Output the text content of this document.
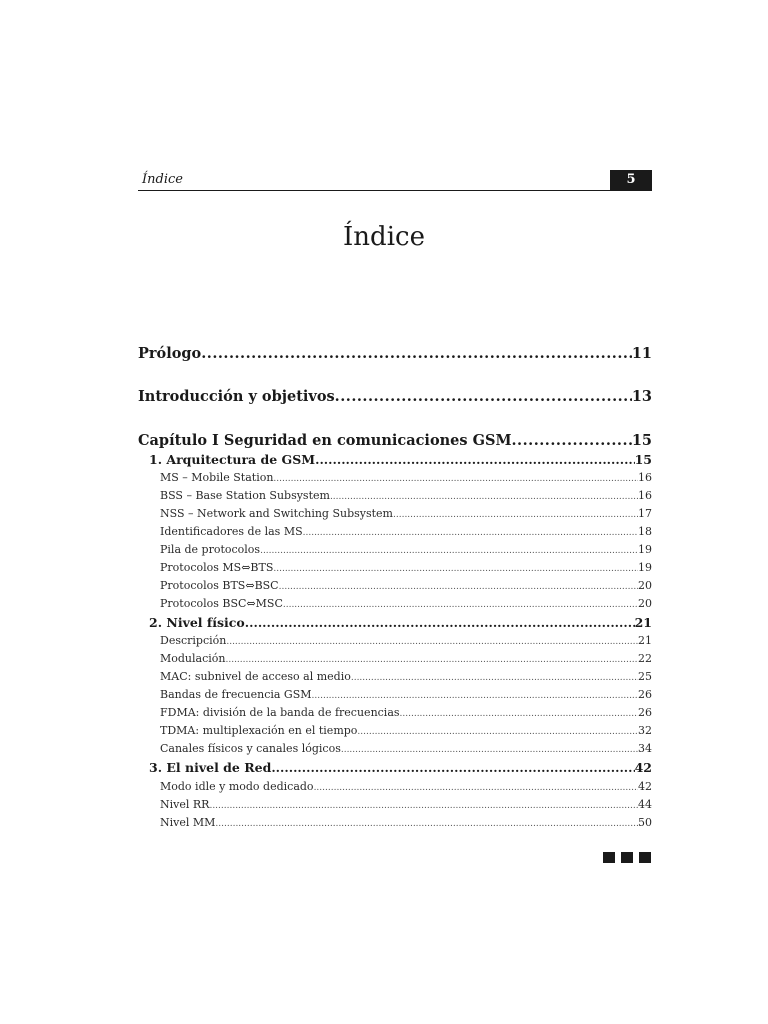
Índice	5
Índice
Prólogo .....	11
Introducción y objetivos .....	13
Capítulo I Seguridad en comunicaciones GSM .....	15
1. Arquitectura de GSM .....	15
MS – Mobile Station .....	16
BSS – Base Station Subsystem .....	16
NSS – Network and Switching Subsystem .....	17
Identificadores de las MS .....	18
Pila de protocolos .....	19
Protocolos MS⇔BTS .....	19
Protocolos BTS⇔BSC .....	20
Protocolos BSC⇔MSC .....	20
2. Nivel físico .....	21
Descripción .....	21
Modulación .....	22
MAC: subnivel de acceso al medio .....	25
Bandas de frecuencia GSM .....	26
FDMA: división de la banda de frecuencias .....	26
TDMA: multiplexación en el tiempo .....	32
Canales físicos y canales lógicos .....	34
3. El nivel de Red .....	42
Modo idle y modo dedicado .....	42
Nivel RR .....	44
Nivel MM .....	50
